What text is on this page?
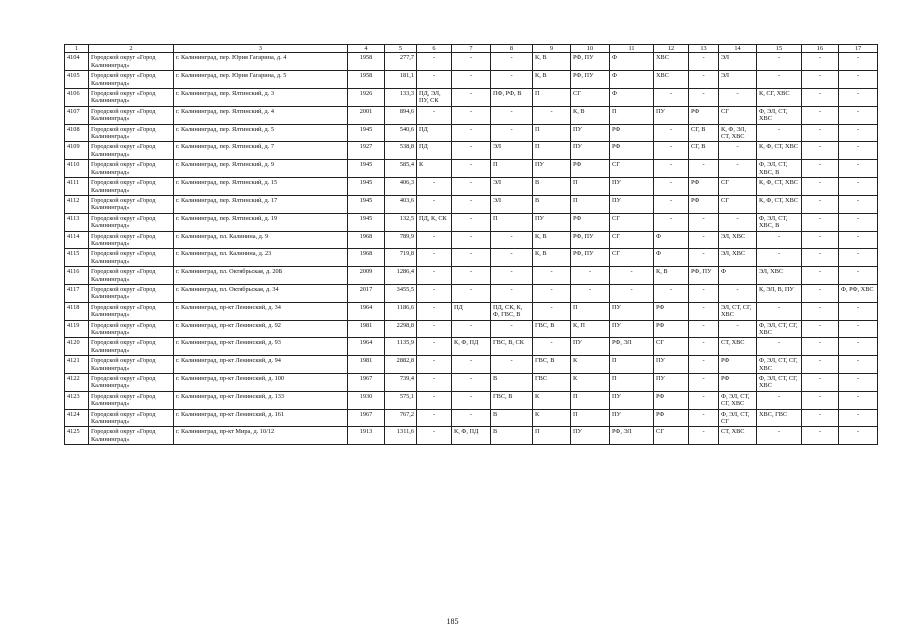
1	2	3	4	5	6	7	8	9	10	11	12	13	14	15	16	17
4104	Городской округ «Город Калининград»	г. Калининград, пер. Юрия Гагарина, д. 4	1958	277,7	-	-	-	К, В	РФ, ПУ	Ф	ХВС	-	ЭЛ	-	-	-
4105	Городской округ «Город Калининград»	г. Калининград, пер. Юрия Гагарина, д. 5	1958	181,1	-	-	-	К, В	РФ, ПУ	Ф	ХВС	-	ЭЛ	-	-	-
4106	Городской округ «Город Калининград»	г. Калининград, пер. Ялтинский, д. 3	1926	133,3	ПД, ЭЛ, ПУ, СК	-	ПФ, РФ, В	П	СГ	Ф	-	-	-	К, СГ, ХВС	-	-
4107	Городской округ «Город Калининград»	г. Калининград, пер. Ялтинский, д. 4	2001	894,6	-	-	-	-	К, В	П	ПУ	РФ	СГ	Ф, ЭЛ, СТ, ХВС	-	-
4108	Городской округ «Город Калининград»	г. Калининград, пер. Ялтинский, д. 5	1945	540,6	ПД	-	-	П	ПУ	РФ	-	СГ, В	К, Ф, ЭЛ, СТ, ХВС	-	-	-
4109	Городской округ «Город Калининград»	г. Калининград, пер. Ялтинский, д. 7	1927	538,8	ПД	-	ЭЛ	П	ПУ	РФ	-	СГ, В	-	К, Ф, СТ, ХВС	-	-
4110	Городской округ «Город Калининград»	г. Калининград, пер. Ялтинский, д. 9	1945	585,4	К	-	П	ПУ	РФ	СГ	-	-	-	Ф, ЭЛ, СТ, ХВС, В	-	-
4111	Городской округ «Город Калининград»	г. Калининград, пер. Ялтинский, д. 15	1945	406,3	-	-	ЭЛ	В	П	ПУ	-	РФ	СГ	К, Ф, СТ, ХВС	-	-
4112	Городской округ «Город Калининград»	г. Калининград, пер. Ялтинский, д. 17	1945	403,6	-	-	ЭЛ	В	П	ПУ	-	РФ	СГ	К, Ф, СТ, ХВС	-	-
4113	Городской округ «Город Калининград»	г. Калининград, пер. Ялтинский, д. 19	1945	132,5	ПД, К, СК	-	П	ПУ	РФ	СГ	-	-	-	Ф, ЭЛ, СТ, ХВС, В	-	-
4114	Городской округ «Город Калининград»	г. Калининград, пл. Калинина, д. 9	1968	789,9	-	-	-	К, В	РФ, ПУ	СГ	Ф	-	ЭЛ, ХВС	-	-	-
4115	Городской округ «Город Калининград»	г. Калининград, пл. Калинина, д. 23	1968	719,8	-	-	-	К, В	РФ, ПУ	СГ	Ф	-	ЭЛ, ХВС	-	-	-
4116	Городской округ «Город Калининград»	г. Калининград, пл. Октябрьская, д. 20Б	2009	1286,4	-	-	-	-	-	-	К, В	РФ, ПУ	Ф	ЭЛ, ХВС	-	-
4117	Городской округ «Город Калининград»	г. Калининград, пл. Октябрьская, д. 34	2017	3455,5	-	-	-	-	-	-	-	-	-	К, ЭЛ, В, ПУ	-	Ф, РФ, ХВС
4118	Городской округ «Город Калининград»	г. Калининград, пр-кт Ленинский, д. 34	1964	1186,6	-	ПД	ПД, СК, К, Ф, ГВС, В	-	П	ПУ	РФ	-	ЭЛ, СТ, СГ, ХВС	-	-	-
4119	Городской округ «Город Калининград»	г. Калининград, пр-кт Ленинский, д. 92	1981	2298,8	-	-	-	ГВС, В	К, П	ПУ	РФ	-	-	Ф, ЭЛ, СТ, СГ, ХВС	-	-
4120	Городской округ «Город Калининград»	г. Калининград, пр-кт Ленинский, д. 93	1964	1135,9	-	К, Ф, ПД	ГВС, В, СК	-	ПУ	РФ, ЭЛ	СГ	-	СТ, ХВС	-	-	-
4121	Городской округ «Город Калининград»	г. Калининград, пр-кт Ленинский, д. 94	1981	2882,8	-	-	-	ГВС, В	К	П	ПУ	-	РФ	Ф, ЭЛ, СТ, СГ, ХВС	-	-
4122	Городской округ «Город Калининград»	г. Калининград, пр-кт Ленинский, д. 100	1967	739,4	-	-	В	ГВС	К	П	ПУ	-	РФ	Ф, ЭЛ, СТ, СГ, ХВС	-	-
4123	Городской округ «Город Калининград»	г. Калининград, пр-кт Ленинский, д. 133	1930	575,1	-	-	ГВС, В	К	П	ПУ	РФ	-	Ф, ЭЛ, СТ, СГ, ХВС	-	-	-
4124	Городской округ «Город Калининград»	г. Калининград, пр-кт Ленинский, д. 161	1967	767,2	-	-	В	К	П	ПУ	РФ	-	Ф, ЭЛ, СТ, СГ	ХВС, ГВС	-	-
4125	Городской округ «Город Калининград»	г. Калининград, пр-кт Мира, д. 10/12	1913	1311,6	-	К, Ф, ПД	В	П	ПУ	РФ, ЭЛ	СГ	-	СТ, ХВС	-	-	-
185
